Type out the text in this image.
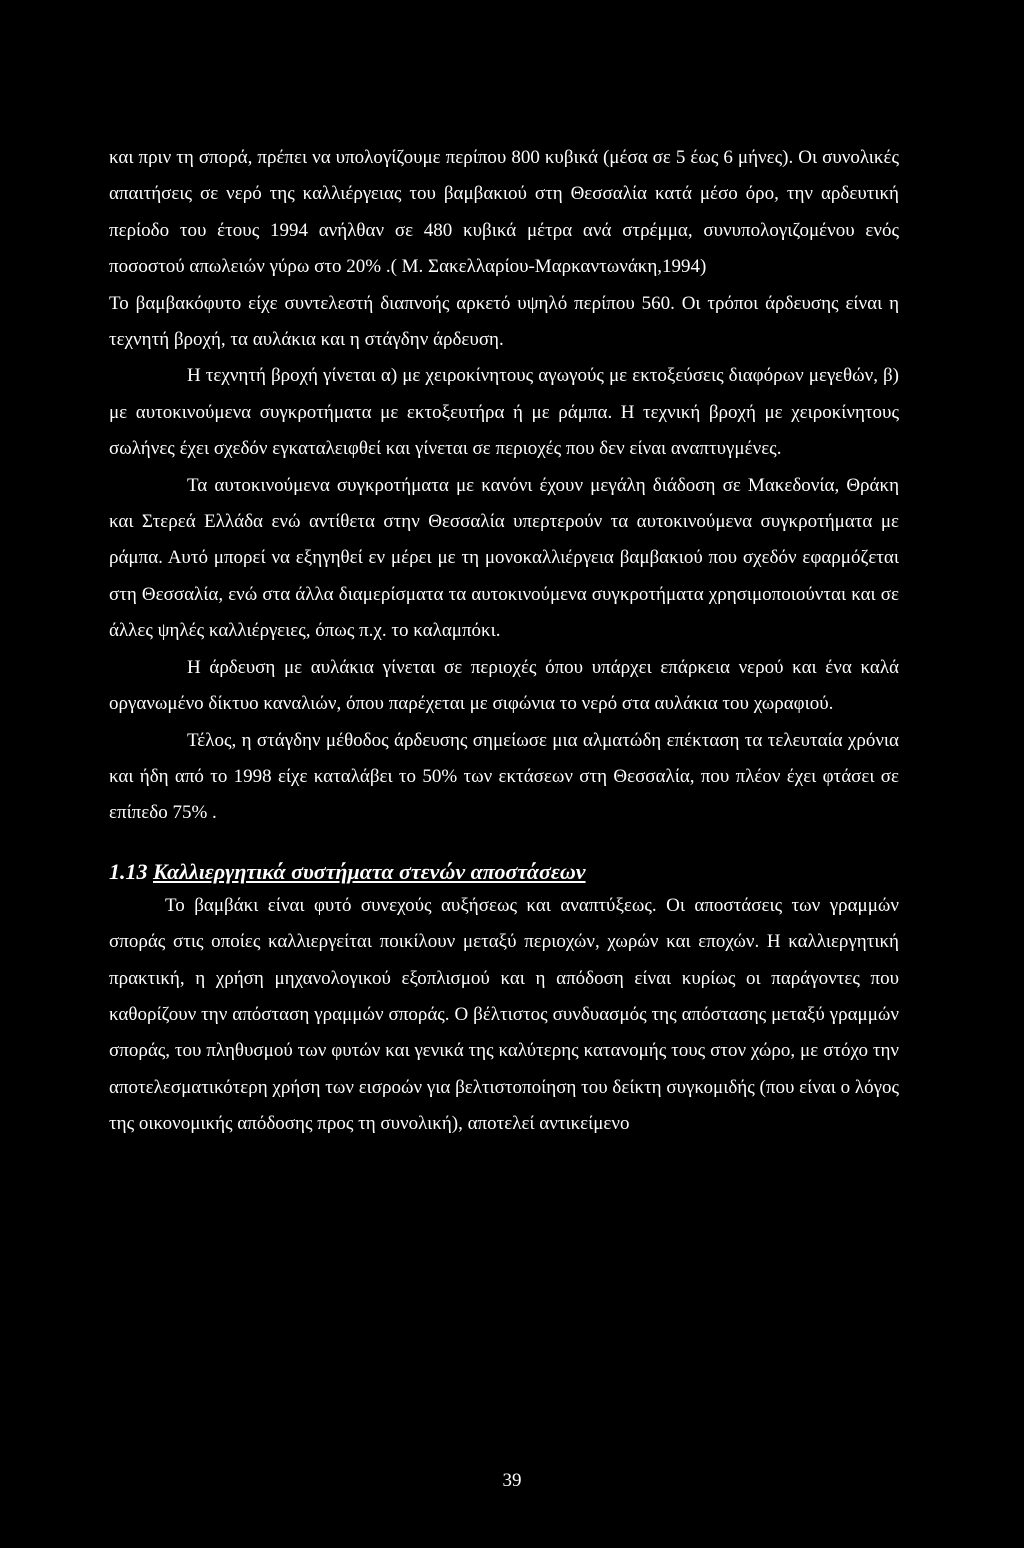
και πριν τη σπορά, πρέπει να υπολογίζουμε περίπου 800 κυβικά (μέσα σε 5 έως 6 μήνες). Οι συνολικές απαιτήσεις σε νερό της καλλιέργειας του βαμβακιού στη Θεσσαλία κατά μέσο όρο, την αρδευτική περίοδο του έτους 1994 ανήλθαν σε 480 κυβικά μέτρα ανά στρέμμα, συνυπολογιζομένου ενός ποσοστού απωλειών γύρω στο 20% .( Μ. Σακελλαρίου-Μαρκαντωνάκη,1994)

Το βαμβακόφυτο είχε συντελεστή διαπνοής αρκετό υψηλό περίπου 560. Οι τρόποι άρδευσης είναι η τεχνητή βροχή, τα αυλάκια και η στάγδην άρδευση.

Η τεχνητή βροχή γίνεται α) με χειροκίνητους αγωγούς με εκτοξεύσεις διαφόρων μεγεθών, β) με αυτοκινούμενα συγκροτήματα με εκτοξευτήρα ή με ράμπα. Η τεχνική βροχή με χειροκίνητους σωλήνες έχει σχεδόν εγκαταλειφθεί και γίνεται σε περιοχές που δεν είναι αναπτυγμένες.

Τα αυτοκινούμενα συγκροτήματα με κανόνι έχουν μεγάλη διάδοση σε Μακεδονία, Θράκη και Στερεά Ελλάδα ενώ αντίθετα στην Θεσσαλία υπερτερούν τα αυτοκινούμενα συγκροτήματα με ράμπα. Αυτό μπορεί να εξηγηθεί εν μέρει με τη μονοκαλλιέργεια βαμβακιού που σχεδόν εφαρμόζεται στη Θεσσαλία, ενώ στα άλλα διαμερίσματα τα αυτοκινούμενα συγκροτήματα χρησιμοποιούνται και σε άλλες ψηλές καλλιέργειες, όπως π.χ. το καλαμπόκι.

Η άρδευση με αυλάκια γίνεται σε περιοχές όπου υπάρχει επάρκεια νερού και ένα καλά οργανωμένο δίκτυο καναλιών, όπου παρέχεται με σιφώνια το νερό στα αυλάκια του χωραφιού.

Τέλος, η στάγδην μέθοδος άρδευσης σημείωσε μια αλματώδη επέκταση τα τελευταία χρόνια και ήδη από το 1998 είχε καταλάβει το 50% των εκτάσεων στη Θεσσαλία, που πλέον έχει φτάσει σε επίπεδο 75% .

1.13 Καλλιεργητικά συστήματα στενών αποστάσεων

Το βαμβάκι είναι φυτό συνεχούς αυξήσεως και αναπτύξεως. Οι αποστάσεις των γραμμών σποράς στις οποίες καλλιεργείται ποικίλουν μεταξύ περιοχών, χωρών και εποχών. Η καλλιεργητική πρακτική, η χρήση μηχανολογικού εξοπλισμού και η απόδοση είναι κυρίως οι παράγοντες που καθορίζουν την απόσταση γραμμών σποράς. Ο βέλτιστος συνδυασμός της απόστασης μεταξύ γραμμών σποράς, του πληθυσμού των φυτών και γενικά της καλύτερης κατανομής τους στον χώρο, με στόχο την αποτελεσματικότερη χρήση των εισροών για βελτιστοποίηση του δείκτη συγκομιδής (που είναι ο λόγος της οικονομικής απόδοσης προς τη συνολική), αποτελεί αντικείμενο

39
